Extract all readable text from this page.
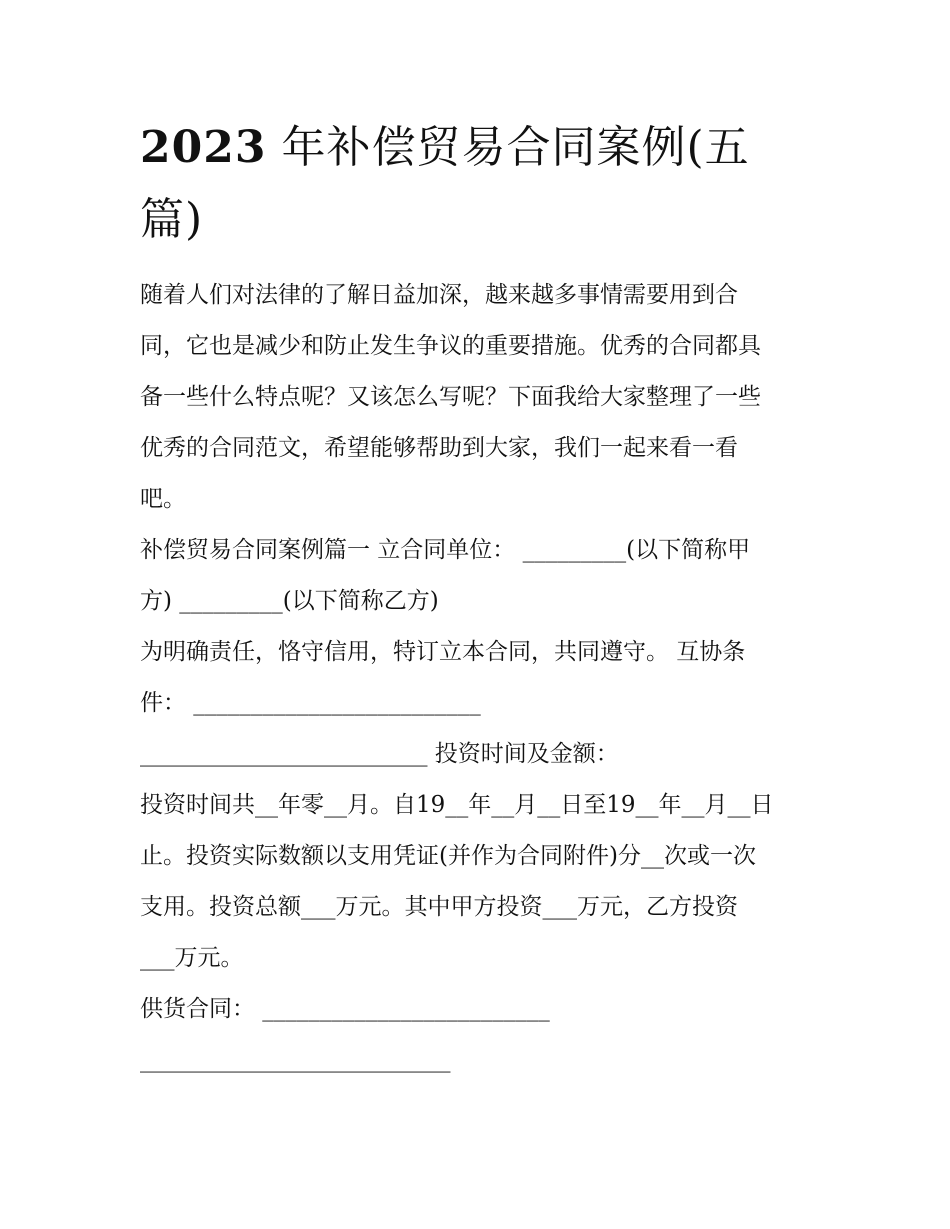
2023 年补偿贸易合同案例(五
篇)
随着人们对法律的了解日益加深，越来越多事情需要用到合
同，它也是减少和防止发生争议的重要措施。优秀的合同都具
备一些什么特点呢？又该怎么写呢？下面我给大家整理了一些
优秀的合同范文，希望能够帮助到大家，我们一起来看一看
吧。
补偿贸易合同案例篇一 立合同单位： _________(以下简称甲
方) _________(以下简称乙方)
为明确责任，恪守信用，特订立本合同，共同遵守。 互协条
件： _________________________
_________________________ 投资时间及金额：
投资时间共__年零__月。自19__年__月__日至19__年__月__日
止。投资实际数额以支用凭证(并作为合同附件)分__次或一次
支用。投资总额___万元。其中甲方投资___万元，乙方投资
___万元。
供货合同： _________________________
___________________________
